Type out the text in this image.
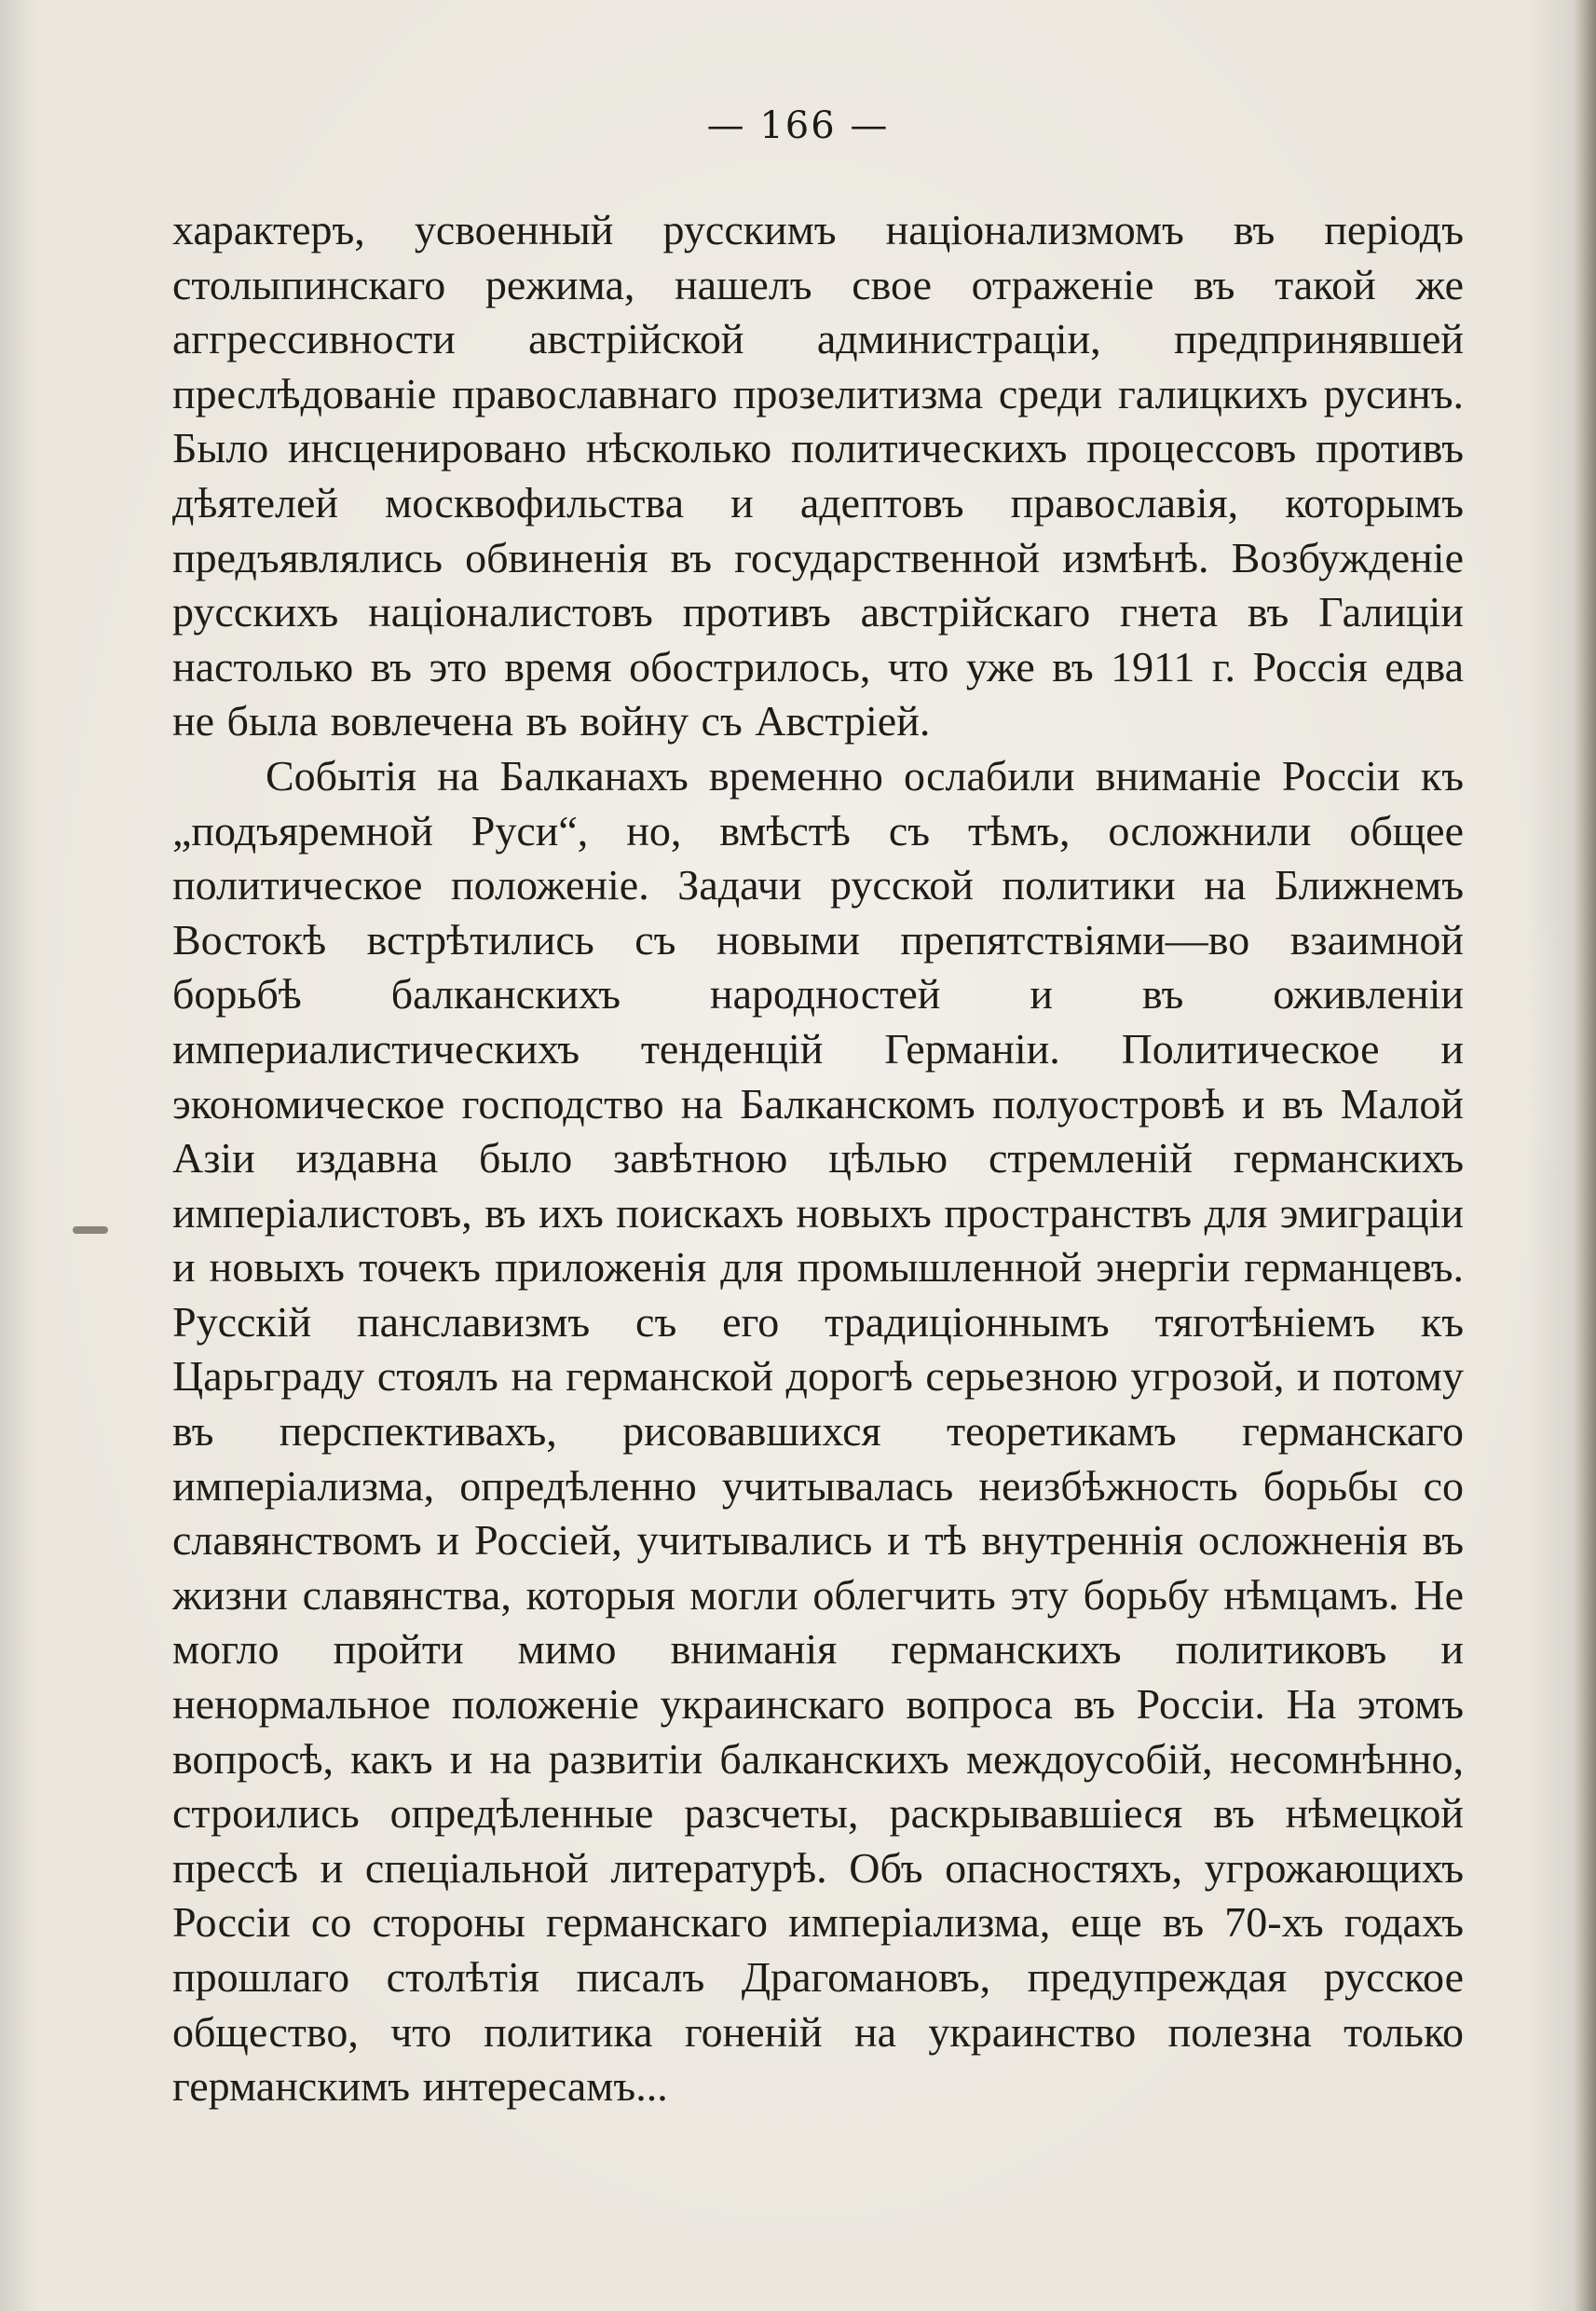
— 166 —

характеръ, усвоенный русскимъ націонализмомъ въ періодъ столыпинскаго режима, нашелъ свое отраженіе въ такой же аггрессивности австрійской администраціи, предпринявшей преслѣдованіе православнаго прозелитизма среди галицкихъ русинъ. Было инсценировано нѣсколько политическихъ процессовъ противъ дѣятелей москвофильства и адептовъ православія, которымъ предъявлялись обвиненія въ государственной измѣнѣ. Возбужденіе русскихъ націоналистовъ противъ австрійскаго гнета въ Галиціи настолько въ это время обострилось, что уже въ 1911 г. Россія едва не была вовлечена въ войну съ Австріей.

Событія на Балканахъ временно ослабили вниманіе Россіи къ „подъяремной Руси“, но, вмѣстѣ съ тѣмъ, осложнили общее политическое положеніе. Задачи русской политики на Ближнемъ Востокѣ встрѣтились съ новыми препятствіями—во взаимной борьбѣ балканскихъ народностей и въ оживленіи империалистическихъ тенденцій Германіи. Политическое и экономическое господство на Балканскомъ полуостровѣ и въ Малой Азіи издавна было завѣтною цѣлью стремленій германскихъ имперіалистовъ, въ ихъ поискахъ новыхъ пространствъ для эмиграціи и новыхъ точекъ приложенія для промышленной энергіи германцевъ. Русскій панславизмъ съ его традиціоннымъ тяготѣніемъ къ Царьграду стоялъ на германской дорогѣ серьезною угрозой, и потому въ перспективахъ, рисовавшихся теоретикамъ германскаго имперіализма, опредѣленно учитывалась неизбѣжность борьбы со славянствомъ и Россіей, учитывались и тѣ внутреннія осложненія въ жизни славянства, которыя могли облегчить эту борьбу нѣмцамъ. Не могло пройти мимо вниманія германскихъ политиковъ и ненормальное положеніе украинскаго вопроса въ Россіи. На этомъ вопросѣ, какъ и на развитіи балканскихъ междоусобій, несомнѣнно, строились опредѣленные разсчеты, раскрывавшіеся въ нѣмецкой прессѣ и спеціальной литературѣ. Объ опасностяхъ, угрожающихъ Россіи со стороны германскаго имперіализма, еще въ 70-хъ годахъ прошлаго столѣтія писалъ Драгомановъ, предупреждая русское общество, что политика гоненій на украинство полезна только германскимъ интересамъ...
